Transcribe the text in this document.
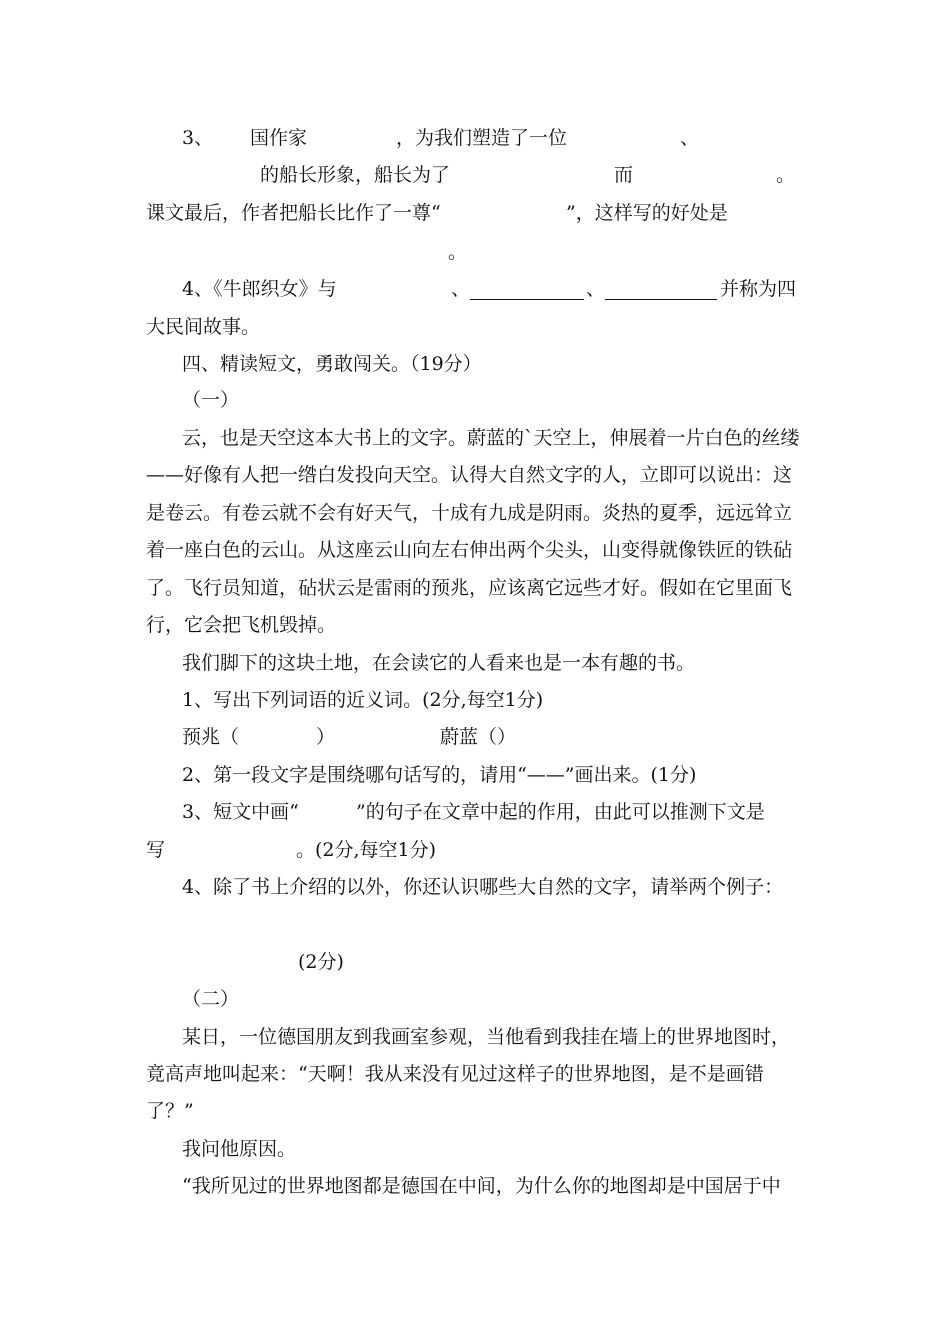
3、 国作家	，为我们塑造了一位	、
的船长形象，船长为了	而	。
课文最后，作者把船长比作了一尊“	”，这样写的好处是
。
4、《牛郎织女》与	、	、	并称为四
大民间故事。
四、精读短文，勇敢闯关。（19分）
（一）
云，也是天空这本大书上的文字。蔚蓝的`天空上，伸展着一片白色的丝缕
——好像有人把一绺白发投向天空。认得大自然文字的人，立即可以说出：这
是卷云。有卷云就不会有好天气，十成有九成是阴雨。炎热的夏季，远远耸立
着一座白色的云山。从这座云山向左右伸出两个尖头，山变得就像铁匠的铁砧
了。飞行员知道，砧状云是雷雨的预兆，应该离它远些才好。假如在它里面飞
行，它会把飞机毁掉。
我们脚下的这块土地，在会读它的人看来也是一本有趣的书。
1、写出下列词语的近义词。(2分,每空1分)
预兆（	）	蔚蓝（）
2、第一段文字是围绕哪句话写的，请用“——”画出来。(1分)
3、短文中画“	”的句子在文章中起的作用，由此可以推测下文是
写	。(2分,每空1分)
4、除了书上介绍的以外，你还认识哪些大自然的文字，请举两个例子：
(2分)
（二）
某日，一位德国朋友到我画室参观，当他看到我挂在墙上的世界地图时，
竟高声地叫起来：“天啊！我从来没有见过这样子的世界地图，是不是画错
了？”
我问他原因。
“我所见过的世界地图都是德国在中间，为什么你的地图却是中国居于中
